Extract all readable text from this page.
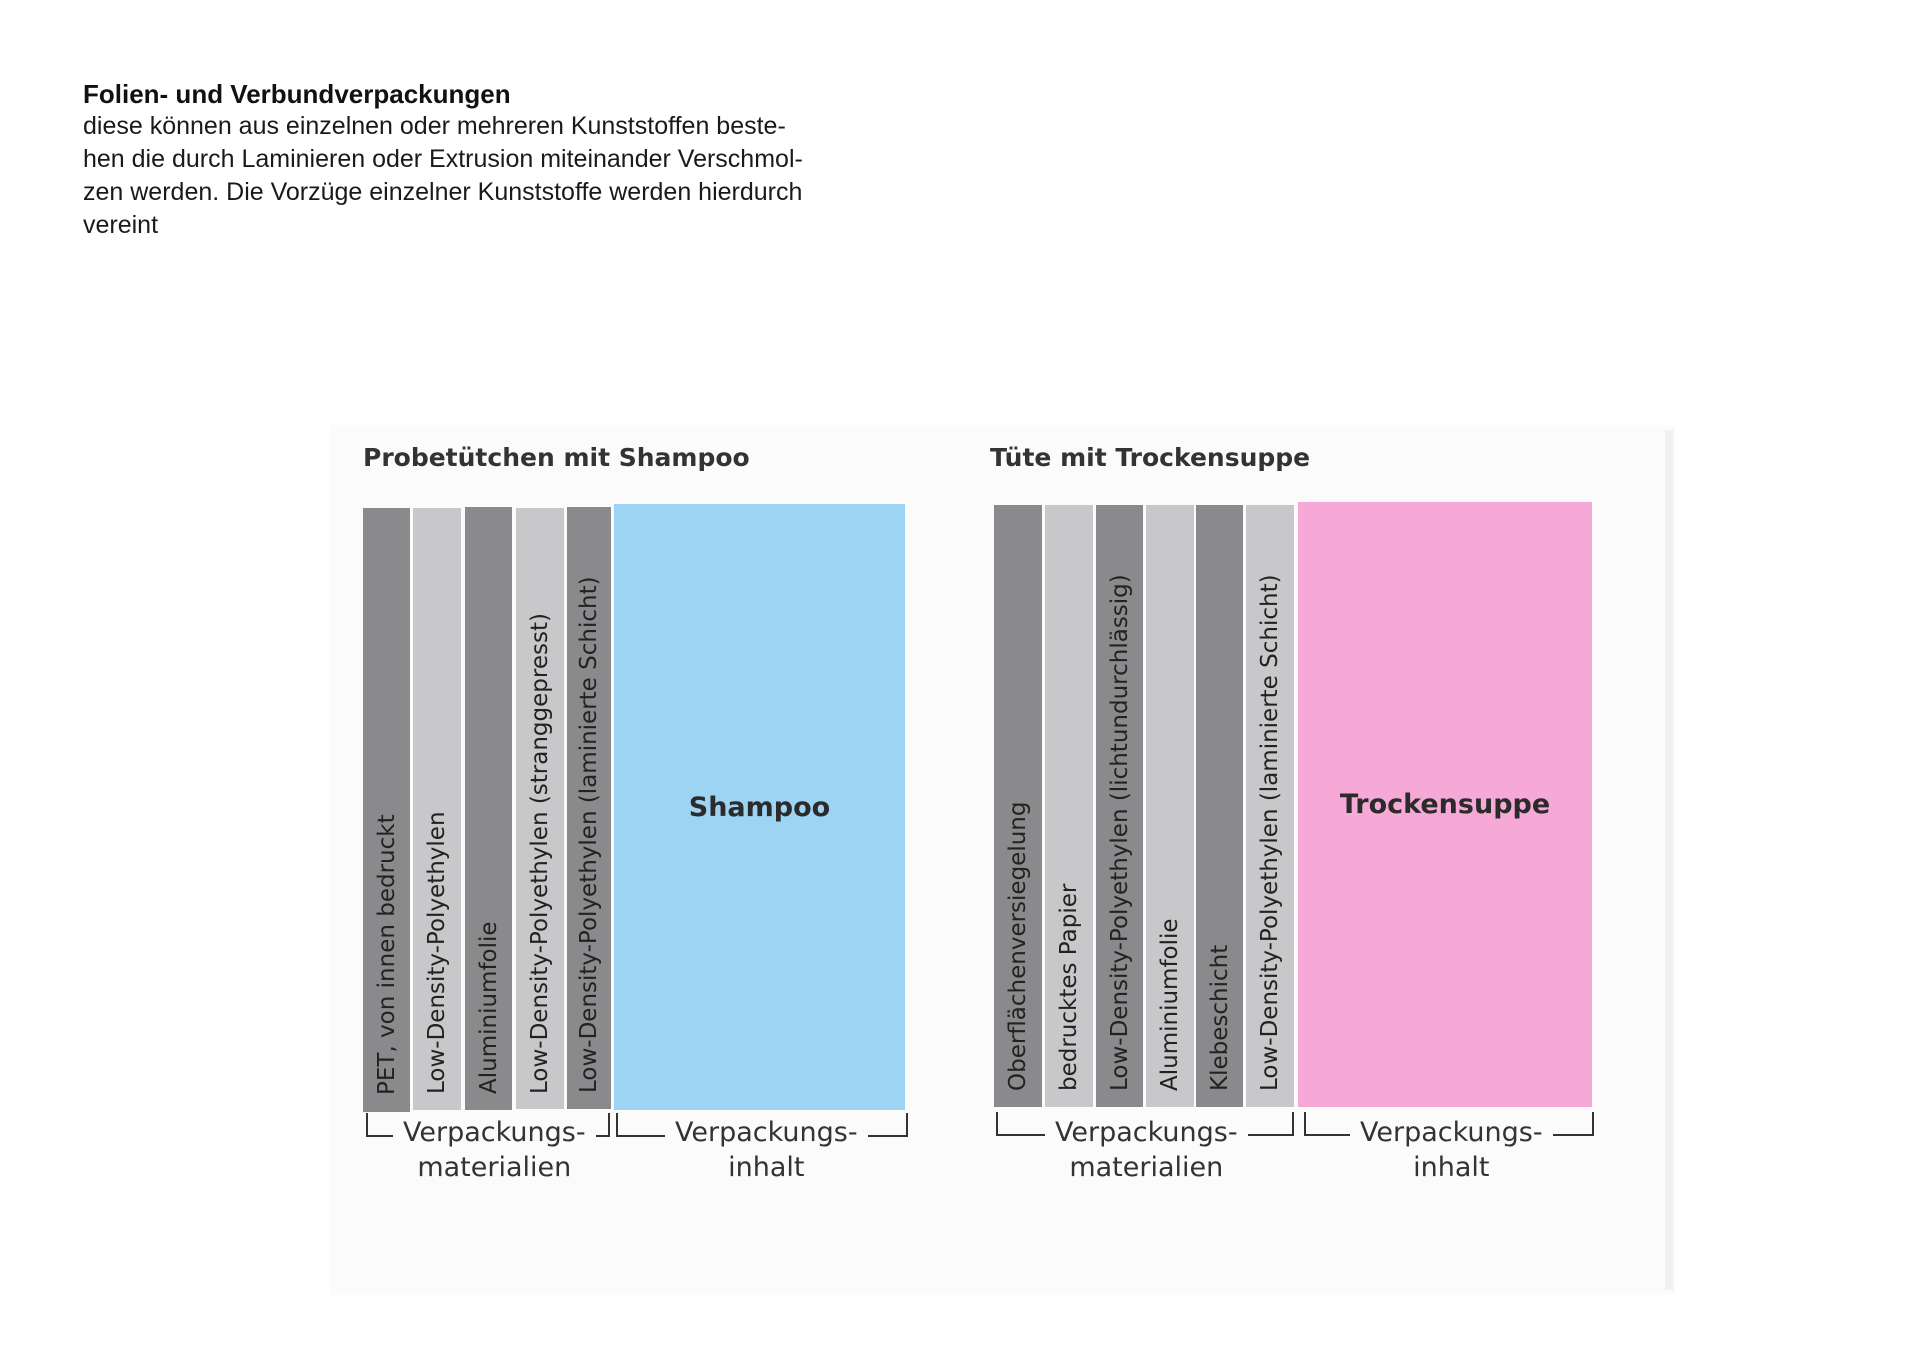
Folien- und Verbundverpackungen
diese können aus einzelnen oder mehreren Kunststoffen beste-
hen die durch Laminieren oder Extrusion miteinander Verschmol-
zen werden. Die Vorzüge einzelner Kunststoffe werden hierdurch
vereint
Probetütchen mit Shampoo
PET, von innen bedruckt Low-Density-Polyethylen Aluminiumfolie Low-Density-Polyethylen (stranggepresst) Low-Density-Polyethylen (laminierte Schicht)	Shampoo
Verpackungs-
materialien
Verpackungs-
inhalt
Tüte mit Trockensuppe
Oberflächenversiegelung bedrucktes Papier Low-Density-Polyethylen (lichtundurchlässig) Aluminiumfolie Klebeschicht Low-Density-Polyethylen (laminierte Schicht) Trockensuppe
Verpackungs-
materialien
Verpackungs-
inhalt
